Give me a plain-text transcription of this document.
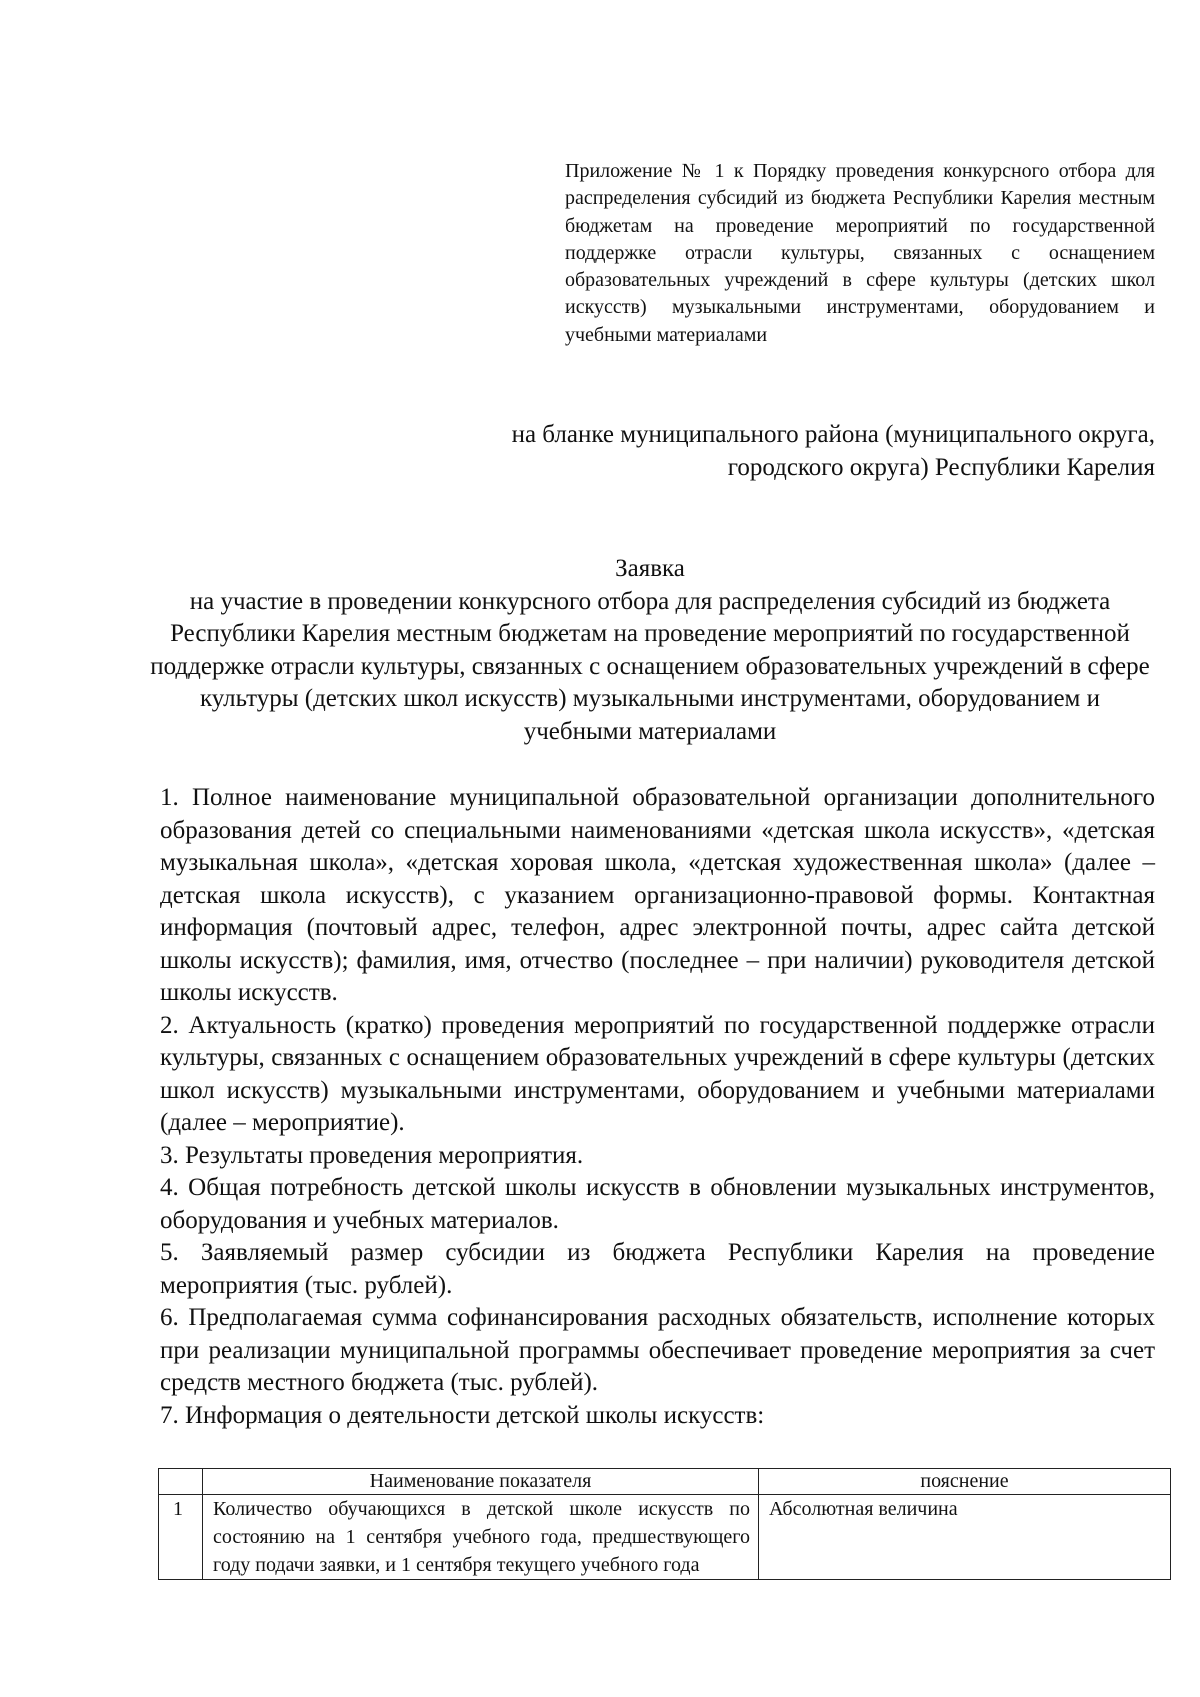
Приложение № 1 к Порядку проведения конкурсного отбора для распределения субсидий из бюджета Республики Карелия местным бюджетам на проведение мероприятий по государственной поддержке отрасли культуры, связанных с оснащением образовательных учреждений в сфере культуры (детских школ искусств) музыкальными инструментами, оборудованием и учебными материалами
на бланке муниципального района (муниципального округа,
городского округа) Республики Карелия
Заявка
на участие в проведении конкурсного отбора для распределения субсидий из бюджета Республики Карелия местным бюджетам на проведение мероприятий по государственной поддержке отрасли культуры, связанных с оснащением образовательных учреждений в сфере культуры (детских школ искусств) музыкальными инструментами, оборудованием и учебными материалами

1. Полное наименование муниципальной образовательной организации дополнительного образования детей со специальными наименованиями «детская школа искусств», «детская музыкальная школа», «детская хоровая школа, «детская художественная школа» (далее – детская школа искусств), с указанием организационно-правовой формы. Контактная информация (почтовый адрес, телефон, адрес электронной почты, адрес сайта детской школы искусств); фамилия, имя, отчество (последнее – при наличии) руководителя детской школы искусств.

2. Актуальность (кратко) проведения мероприятий по государственной поддержке отрасли культуры, связанных с оснащением образовательных учреждений в сфере культуры (детских школ искусств) музыкальными инструментами, оборудованием и учебными материалами (далее – мероприятие).

3. Результаты проведения мероприятия.

4. Общая потребность детской школы искусств в обновлении музыкальных инструментов, оборудования и учебных материалов.

5. Заявляемый размер субсидии из бюджета Республики Карелия на проведение мероприятия (тыс. рублей).

6. Предполагаемая сумма софинансирования расходных обязательств, исполнение которых при реализации муниципальной программы обеспечивает проведение мероприятия за счет средств местного бюджета (тыс. рублей).

7. Информация о деятельности детской школы искусств:

	Наименование показателя	пояснение
1	Количество обучающихся в детской школе искусств по состоянию на 1 сентября учебного года, предшествующего году подачи заявки, и 1 сентября текущего учебного года	Абсолютная величина
